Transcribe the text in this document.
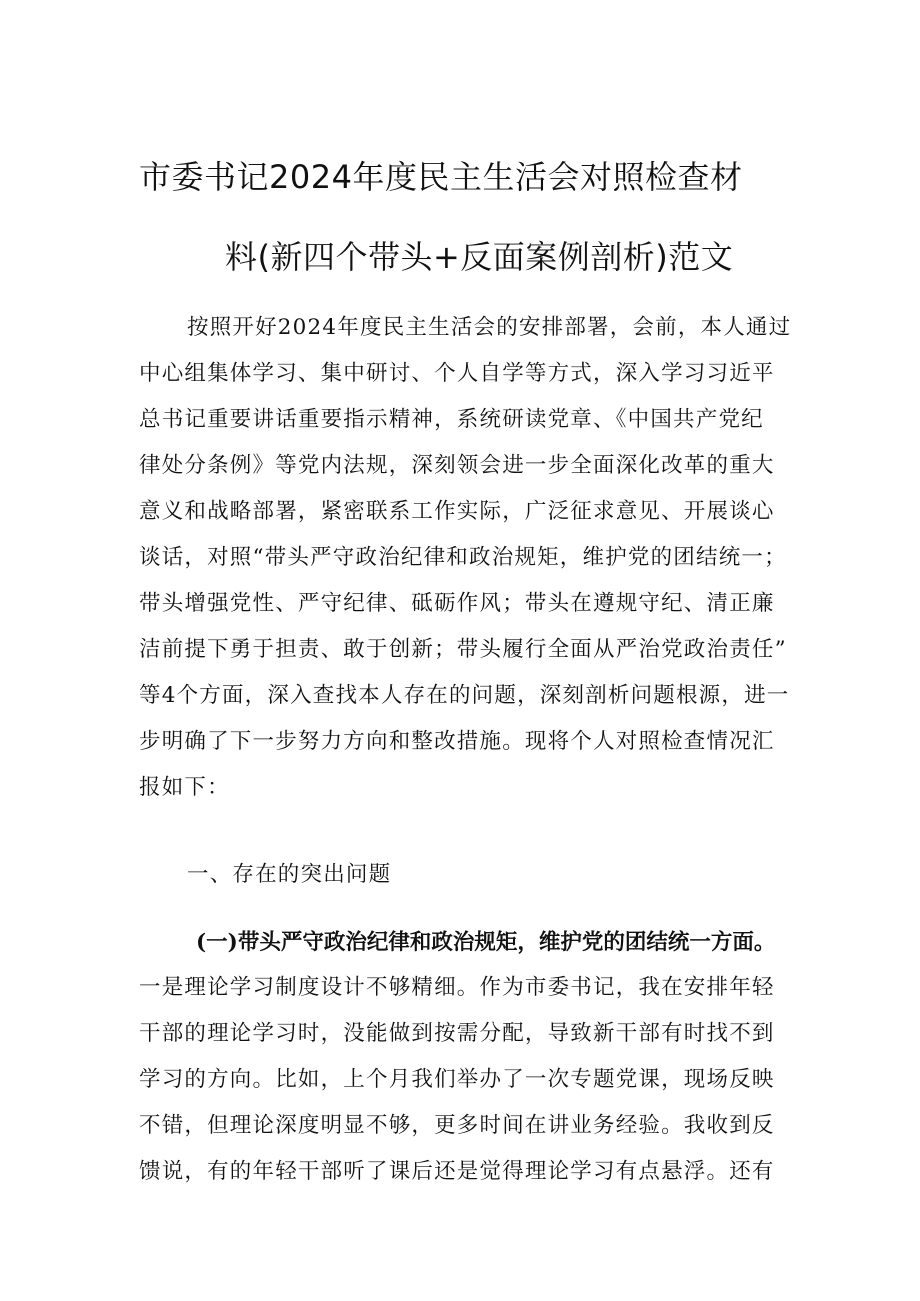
市委书记2024年度民主生活会对照检查材
料(新四个带头+反面案例剖析)范文
按照开好2024年度民主生活会的安排部署，会前，本人通过
中心组集体学习、集中研讨、个人自学等方式，深入学习习近平
总书记重要讲话重要指示精神，系统研读党章、《中国共产党纪
律处分条例》等党内法规，深刻领会进一步全面深化改革的重大
意义和战略部署，紧密联系工作实际，广泛征求意见、开展谈心
谈话，对照“带头严守政治纪律和政治规矩，维护党的团结统一；
带头增强党性、严守纪律、砥砺作风；带头在遵规守纪、清正廉
洁前提下勇于担责、敢于创新；带头履行全面从严治党政治责任”
等4个方面，深入查找本人存在的问题，深刻剖析问题根源，进一
步明确了下一步努力方向和整改措施。现将个人对照检查情况汇
报如下：
一、存在的突出问题
(一)带头严守政治纪律和政治规矩，维护党的团结统一方面。
一是理论学习制度设计不够精细。作为市委书记，我在安排年轻
干部的理论学习时，没能做到按需分配，导致新干部有时找不到
学习的方向。比如，上个月我们举办了一次专题党课，现场反映
不错，但理论深度明显不够，更多时间在讲业务经验。我收到反
馈说，有的年轻干部听了课后还是觉得理论学习有点悬浮。还有
